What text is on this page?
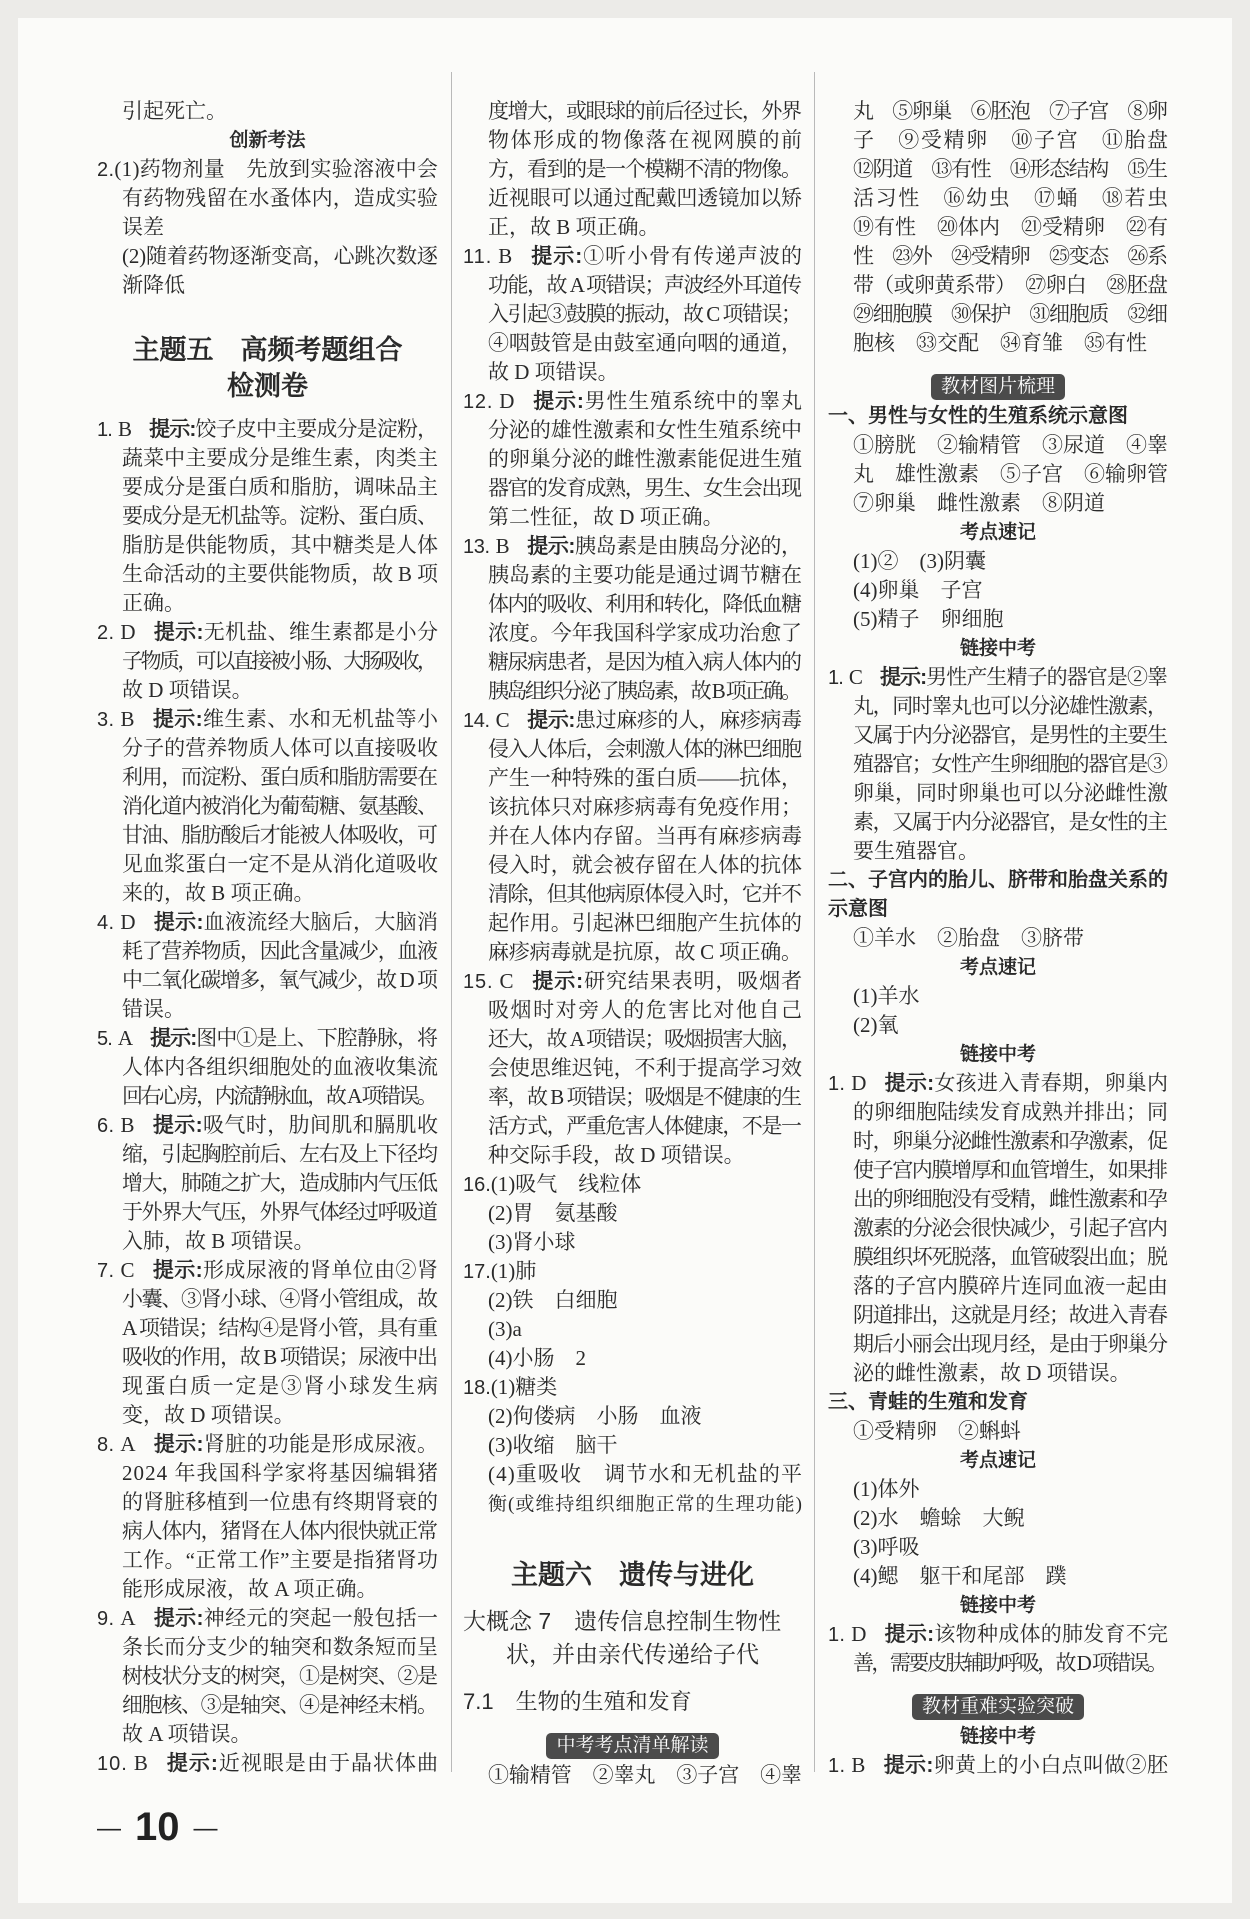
引起死亡。
创新考法
2.(1)药物剂量　先放到实验溶液中会
有药物残留在水蚤体内，造成实验
误差
(2)随着药物逐渐变高，心跳次数逐
渐降低
主题五　高频考题组合
检测卷
1. B 提示:饺子皮中主要成分是淀粉，
蔬菜中主要成分是维生素，肉类主
要成分是蛋白质和脂肪，调味品主
要成分是无机盐等。淀粉、蛋白质、
脂肪是供能物质，其中糖类是人体
生命活动的主要供能物质，故 B 项
正确。
2. D 提示:无机盐、维生素都是小分
子物质，可以直接被小肠、大肠吸收，
故 D 项错误。
3. B 提示:维生素、水和无机盐等小
分子的营养物质人体可以直接吸收
利用，而淀粉、蛋白质和脂肪需要在
消化道内被消化为葡萄糖、氨基酸、
甘油、脂肪酸后才能被人体吸收，可
见血浆蛋白一定不是从消化道吸收
来的，故 B 项正确。
4. D 提示:血液流经大脑后，大脑消
耗了营养物质，因此含量减少，血液
中二氧化碳增多，氧气减少，故 D 项
错误。
5. A 提示:图中①是上、下腔静脉，将
人体内各组织细胞处的血液收集流
回右心房，内流静脉血，故 A 项错误。
6. B 提示:吸气时，肋间肌和膈肌收
缩，引起胸腔前后、左右及上下径均
增大，肺随之扩大，造成肺内气压低
于外界大气压，外界气体经过呼吸道
入肺，故 B 项错误。
7. C 提示:形成尿液的肾单位由②肾
小囊、③肾小球、④肾小管组成，故
A 项错误；结构④是肾小管，具有重
吸收的作用，故 B 项错误；尿液中出
现蛋白质一定是③肾小球发生病
变，故 D 项错误。
8. A 提示:肾脏的功能是形成尿液。
2024 年我国科学家将基因编辑猪
的肾脏移植到一位患有终期肾衰的
病人体内，猪肾在人体内很快就正常
工作。“正常工作”主要是指猪肾功
能形成尿液，故 A 项正确。
9. A 提示:神经元的突起一般包括一
条长而分支少的轴突和数条短而呈
树枝状分支的树突，①是树突、②是
细胞核、③是轴突、④是神经末梢。
故 A 项错误。
10. B 提示:近视眼是由于晶状体曲
度增大，或眼球的前后径过长，外界
物体形成的物像落在视网膜的前
方，看到的是一个模糊不清的物像。
近视眼可以通过配戴凹透镜加以矫
正，故 B 项正确。
11. B 提示:①听小骨有传递声波的
功能，故 A 项错误；声波经外耳道传
入引起③鼓膜的振动，故 C 项错误；
④咽鼓管是由鼓室通向咽的通道，
故 D 项错误。
12. D 提示:男性生殖系统中的睾丸
分泌的雄性激素和女性生殖系统中
的卵巢分泌的雌性激素能促进生殖
器官的发育成熟，男生、女生会出现
第二性征，故 D 项正确。
13. B 提示:胰岛素是由胰岛分泌的，
胰岛素的主要功能是通过调节糖在
体内的吸收、利用和转化，降低血糖
浓度。今年我国科学家成功治愈了
糖尿病患者，是因为植入病人体内的
胰岛组织分泌了胰岛素，故 B 项正确。
14. C 提示:患过麻疹的人，麻疹病毒
侵入人体后，会刺激人体的淋巴细胞
产生一种特殊的蛋白质——抗体，
该抗体只对麻疹病毒有免疫作用；
并在人体内存留。当再有麻疹病毒
侵入时，就会被存留在人体的抗体
清除，但其他病原体侵入时，它并不
起作用。引起淋巴细胞产生抗体的
麻疹病毒就是抗原，故 C 项正确。
15. C 提示:研究结果表明，吸烟者
吸烟时对旁人的危害比对他自己
还大，故 A 项错误；吸烟损害大脑，
会使思维迟钝，不利于提高学习效
率，故 B 项错误；吸烟是不健康的生
活方式，严重危害人体健康，不是一
种交际手段，故 D 项错误。
16.(1)吸气　线粒体
(2)胃　氨基酸
(3)肾小球
17.(1)肺
(2)铁　白细胞
(3)a
(4)小肠　2
18.(1)糖类
(2)佝偻病　小肠　血液
(3)收缩　脑干
(4)重吸收　调节水和无机盐的平
衡(或维持组织细胞正常的生理功能)
主题六　遗传与进化
大概念 7　遗传信息控制生物性
状，并由亲代传递给子代
7.1　生物的生殖和发育
中考考点清单解读
①输精管　②睾丸　③子宫　④睾
丸　⑤卵巢　⑥胚泡　⑦子宫　⑧卵
子　⑨受精卵　⑩子宫　⑪胎盘
⑫阴道　⑬有性　⑭形态结构　⑮生
活习性　⑯幼虫　⑰蛹　⑱若虫
⑲有性　⑳体内　㉑受精卵　㉒有
性　㉓外　㉔受精卵　㉕变态　㉖系
带（或卵黄系带）　㉗卵白　㉘胚盘
㉙细胞膜　㉚保护　㉛细胞质　㉜细
胞核　㉝交配　㉞育雏　㉟有性
教材图片梳理
一、男性与女性的生殖系统示意图
①膀胱　②输精管　③尿道　④睾
丸　雄性激素　⑤子宫　⑥输卵管
⑦卵巢　雌性激素　⑧阴道
考点速记
(1)②　(3)阴囊
(4)卵巢　子宫
(5)精子　卵细胞
链接中考
1. C 提示:男性产生精子的器官是②睾
丸，同时睾丸也可以分泌雄性激素，
又属于内分泌器官，是男性的主要生
殖器官；女性产生卵细胞的器官是③
卵巢，同时卵巢也可以分泌雌性激
素，又属于内分泌器官，是女性的主
要生殖器官。
二、子宫内的胎儿、脐带和胎盘关系的
示意图
①羊水　②胎盘　③脐带
考点速记
(1)羊水
(2)氧
链接中考
1. D 提示:女孩进入青春期，卵巢内
的卵细胞陆续发育成熟并排出；同
时，卵巢分泌雌性激素和孕激素，促
使子宫内膜增厚和血管增生，如果排
出的卵细胞没有受精，雌性激素和孕
激素的分泌会很快减少，引起子宫内
膜组织坏死脱落，血管破裂出血；脱
落的子宫内膜碎片连同血液一起由
阴道排出，这就是月经；故进入青春
期后小丽会出现月经，是由于卵巢分
泌的雌性激素，故 D 项错误。
三、青蛙的生殖和发育
①受精卵　②蝌蚪
考点速记
(1)体外
(2)水　蟾蜍　大鲵
(3)呼吸
(4)鳃　躯干和尾部　蹼
链接中考
1. D 提示:该物种成体的肺发育不完
善，需要皮肤辅助呼吸，故 D 项错误。
教材重难实验突破
链接中考
1. B 提示:卵黄上的小白点叫做②胚
— 10 —
